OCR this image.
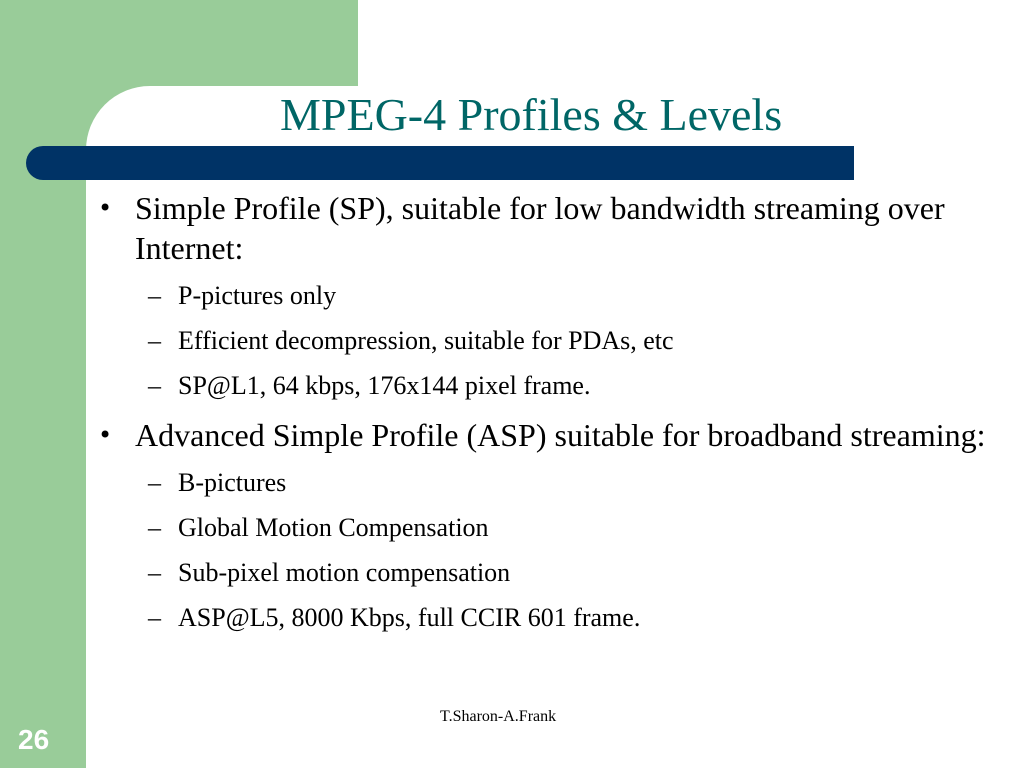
MPEG-4 Profiles & Levels
• Simple Profile (SP), suitable for low bandwidth streaming over Internet:
– P-pictures only
– Efficient decompression, suitable for PDAs, etc
– SP@L1, 64 kbps, 176x144 pixel frame.
• Advanced Simple Profile (ASP) suitable for broadband streaming:
– B-pictures
– Global Motion Compensation
– Sub-pixel motion compensation
– ASP@L5, 8000 Kbps, full CCIR 601 frame.
T.Sharon-A.Frank
26
